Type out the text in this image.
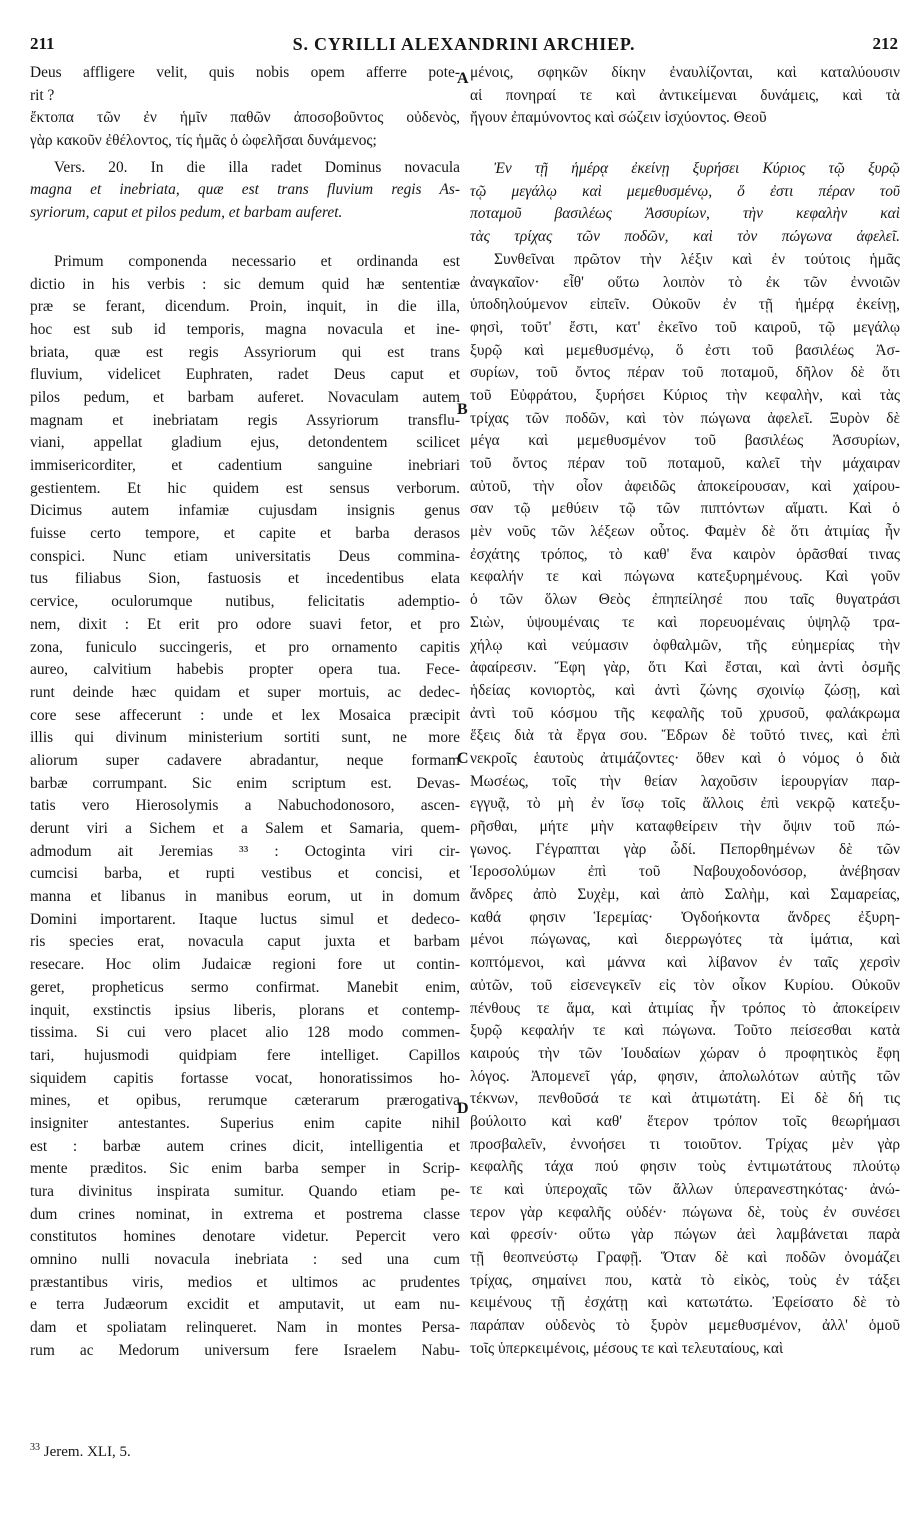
211	S. CYRILLI ALEXANDRINI ARCHIEP.	212
Deus affligere velit, quis nobis opem afferre pote-
rit ?
ἔκτοπα τῶν ἐν ἡμῖν παθῶν ἀποσοβοῦντος οὐδενὸς,
γὰρ κακοῦν ἐθέλοντος, τίς ἡμᾶς ὁ ὠφελῆσαι δυνάμενος;
Vers. 20. In die illa radet Dominus novacula
magna et inebriata, quæ est trans fluvium regis As-
syriorum, caput et pilos pedum, et barbam auferet.
Primum componenda necessario et ordinanda est
dictio in his verbis : sic demum quid hæ sententiæ
præ se ferant, dicendum. Proin, inquit, in die illa,
hoc est sub id temporis, magna novacula et ine-
briata, quæ est regis Assyriorum qui est trans
fluvium, videlicet Euphraten, radet Deus caput et
pilos pedum, et barbam auferet. Novaculam autem
magnam et inebriatam regis Assyriorum transflu-
viani, appellat gladium ejus, detondentem scilicet
immisericorditer, et cadentium sanguine inebriari
gestientem. Et hic quidem est sensus verborum.
Dicimus autem infamiæ cujusdam insignis genus
fuisse certo tempore, et capite et barba derasos
conspici. Nunc etiam universitatis Deus commina-
tus filiabus Sion, fastuosis et incedentibus elata
cervice, oculorumque nutibus, felicitatis ademptio-
nem, dixit : Et erit pro odore suavi fetor, et pro
zona, funiculo succingeris, et pro ornamento capitis
aureo, calvitium habebis propter opera tua. Fece-
runt deinde hæc quidam et super mortuis, ac dedec-
core sese affecerunt : unde et lex Mosaica præcipit
illis qui divinum ministerium sortiti sunt, ne more
aliorum super cadavere abradantur, neque formam
barbæ corrumpant. Sic enim scriptum est. Devas-
tatis vero Hierosolymis a Nabuchodonosoro, ascen-
derunt viri a Sichem et a Salem et Samaria, quem-
admodum ait Jeremias ³³ : Octoginta viri cir-
cumcisi barba, et rupti vestibus et concisi, et
manna et libanus in manibus eorum, ut in domum
Domini importarent. Itaque luctus simul et dedeco-
ris species erat, novacula caput juxta et barbam
resecare. Hoc olim Judaicæ regioni fore ut contin-
geret, propheticus sermo confirmat. Manebit enim,
inquit, exstinctis ipsius liberis, plorans et contemp-
tissima. Si cui vero placet alio 128 modo commen-
tari, hujusmodi quidpiam fere intelliget. Capillos
siquidem capitis fortasse vocat, honoratissimos ho-
mines, et opibus, rerumque cæterarum prærogativa
insigniter antestantes. Superius enim capite nihil
est : barbæ autem crines dicit, intelligentia et
mente præditos. Sic enim barba semper in Scrip-
tura divinitus inspirata sumitur. Quando etiam pe-
dum crines nominat, in extrema et postrema classe
constitutos homines denotare videtur. Pepercit vero
omnino nulli novacula inebriata : sed una cum
præstantibus viris, medios et ultimos ac prudentes
e terra Judæorum excidit et amputavit, ut eam nu-
dam et spoliatam relinqueret. Nam in montes Persa-
rum ac Medorum universum fere Israelem Nabu-
μένοις, σφηκῶν δίκην ἐναυλίζονται, καὶ καταλύουσιν
αἱ πονηραί τε καὶ ἀντικείμεναι δυνάμεις, καὶ τὰ
ἤγουν ἐπαμύνοντος καὶ σώζειν ἰσχύοντος. Θεοῦ
Ἐν τῇ ἡμέρᾳ ἐκείνῃ ξυρήσει Κύριος τῷ ξυρῷ
τῷ μεγάλῳ καὶ μεμεθυσμένῳ, ὅ ἐστι πέραν τοῦ
ποταμοῦ βασιλέως Ἀσσυρίων, τὴν κεφαλὴν καὶ
τὰς τρίχας τῶν ποδῶν, καὶ τὸν πώγωνα ἀφελεῖ.
Συνθεῖναι πρῶτον τὴν λέξιν καὶ ἐν τούτοις ἡμᾶς
ἀναγκαῖον· εἶθ' οὕτω λοιπὸν τὸ ἐκ τῶν ἐννοιῶν
ὑποδηλούμενον εἰπεῖν. Οὐκοῦν ἐν τῇ ἡμέρᾳ ἐκείνῃ,
φησὶ, τοῦτ' ἔστι, κατ' ἐκεῖνο τοῦ καιροῦ, τῷ μεγάλῳ
ξυρῷ καὶ μεμεθυσμένῳ, ὅ ἐστι τοῦ βασιλέως Ἀσ-
συρίων, τοῦ ὄντος πέραν τοῦ ποταμοῦ, δῆλον δὲ ὅτι
τοῦ Εὐφράτου, ξυρήσει Κύριος τὴν κεφαλὴν, καὶ τὰς
τρίχας τῶν ποδῶν, καὶ τὸν πώγωνα ἀφελεῖ. Ξυρὸν δὲ
μέγα καὶ μεμεθυσμένον τοῦ βασιλέως Ἀσσυρίων,
τοῦ ὄντος πέραν τοῦ ποταμοῦ, καλεῖ τὴν μάχαιραν
αὐτοῦ, τὴν οἷον ἀφειδῶς ἀποκείρουσαν, καὶ χαίρου-
σαν τῷ μεθύειν τῷ τῶν πιπτόντων αἵματι. Καὶ ὁ
μὲν νοῦς τῶν λέξεων οὗτος. Φαμὲν δὲ ὅτι ἀτιμίας ἦν
ἐσχάτης τρόπος, τὸ καθ' ἕνα καιρὸν ὁρᾶσθαί τινας
κεφαλήν τε καὶ πώγωνα κατεξυρημένους. Καὶ γοῦν
ὁ τῶν ὅλων Θεὸς ἐπηπείλησέ που ταῖς θυγατράσι
Σιὼν, ὑψουμέναις τε καὶ πορευομέναις ὑψηλῷ τρα-
χήλῳ καὶ νεύμασιν ὀφθαλμῶν, τῆς εὐημερίας τὴν
ἀφαίρεσιν. Ἔφη γὰρ, ὅτι Καὶ ἔσται, καὶ ἀντὶ ὀσμῆς
ἡδείας κονιορτὸς, καὶ ἀντὶ ζώνης σχοινίῳ ζώσῃ, καὶ
ἀντὶ τοῦ κόσμου τῆς κεφαλῆς τοῦ χρυσοῦ, φαλάκρωμα
ἕξεις διὰ τὰ ἔργα σου. Ἔδρων δὲ τοῦτό τινες, καὶ ἐπὶ
νεκροῖς ἑαυτοὺς ἀτιμάζοντες· ὅθεν καὶ ὁ νόμος ὁ διὰ
Μωσέως, τοῖς τὴν θείαν λαχοῦσιν ἱερουργίαν παρ-
εγγυᾷ, τὸ μὴ ἐν ἴσῳ τοῖς ἄλλοις ἐπὶ νεκρῷ κατεξυ-
ρῆσθαι, μήτε μὴν καταφθείρειν τὴν ὄψιν τοῦ πώ-
γωνος. Γέγραπται γὰρ ὧδί. Πεπορθημένων δὲ τῶν
Ἱεροσολύμων ἐπὶ τοῦ Ναβουχοδονόσορ, ἀνέβησαν
ἄνδρες ἀπὸ Συχὲμ, καὶ ἀπὸ Σαλὴμ, καὶ Σαμαρείας,
καθά φησιν Ἱερεμίας· Ὀγδοήκοντα ἄνδρες ἐξυρη-
μένοι πώγωνας, καὶ διερρωγότες τὰ ἱμάτια, καὶ
κοπτόμενοι, καὶ μάννα καὶ λίβανον ἐν ταῖς χερσὶν
αὐτῶν, τοῦ εἰσενεγκεῖν εἰς τὸν οἶκον Κυρίου. Οὐκοῦν
πένθους τε ἅμα, καὶ ἀτιμίας ἦν τρόπος τὸ ἀποκείρειν
ξυρῷ κεφαλήν τε καὶ πώγωνα. Τοῦτο πείσεσθαι κατὰ
καιρούς τὴν τῶν Ἰουδαίων χώραν ὁ προφητικὸς ἔφη
λόγος. Ἀπομενεῖ γάρ, φησιν, ἀπολωλότων αὐτῆς τῶν
τέκνων, πενθοῦσά τε καὶ ἀτιμωτάτη. Εἰ δὲ δή τις
βούλοιτο καὶ καθ' ἕτερον τρόπον τοῖς θεωρήμασι
προσβαλεῖν, ἐννοήσει τι τοιοῦτον. Τρίχας μὲν γὰρ
κεφαλῆς τάχα πού φησιν τοὺς ἐντιμωτάτους πλούτῳ
τε καὶ ὑπεροχαῖς τῶν ἄλλων ὑπερανεστηκότας· ἀνώ-
τερον γὰρ κεφαλῆς οὐδέν· πώγωνα δὲ, τοὺς ἐν συνέσει
καὶ φρεσίν· οὕτω γὰρ πώγων ἀεὶ λαμβάνεται παρὰ
τῇ θεοπνεύστῳ Γραφῇ. Ὅταν δὲ καὶ ποδῶν ὀνομάζει
τρίχας, σημαίνει που, κατὰ τὸ εἰκὸς, τοὺς ἐν τάξει
κειμένους τῇ ἐσχάτῃ καὶ κατωτάτω. Ἐφείσατο δὲ τὸ
παράπαν οὐδενὸς τὸ ξυρὸν μεμεθυσμένον, ἀλλ' ὁμοῦ
τοῖς ὑπερκειμένοις, μέσους τε καὶ τελευταίους, καὶ
A
B
C
D
$^{33}$ Jerem. XLI, 5.
